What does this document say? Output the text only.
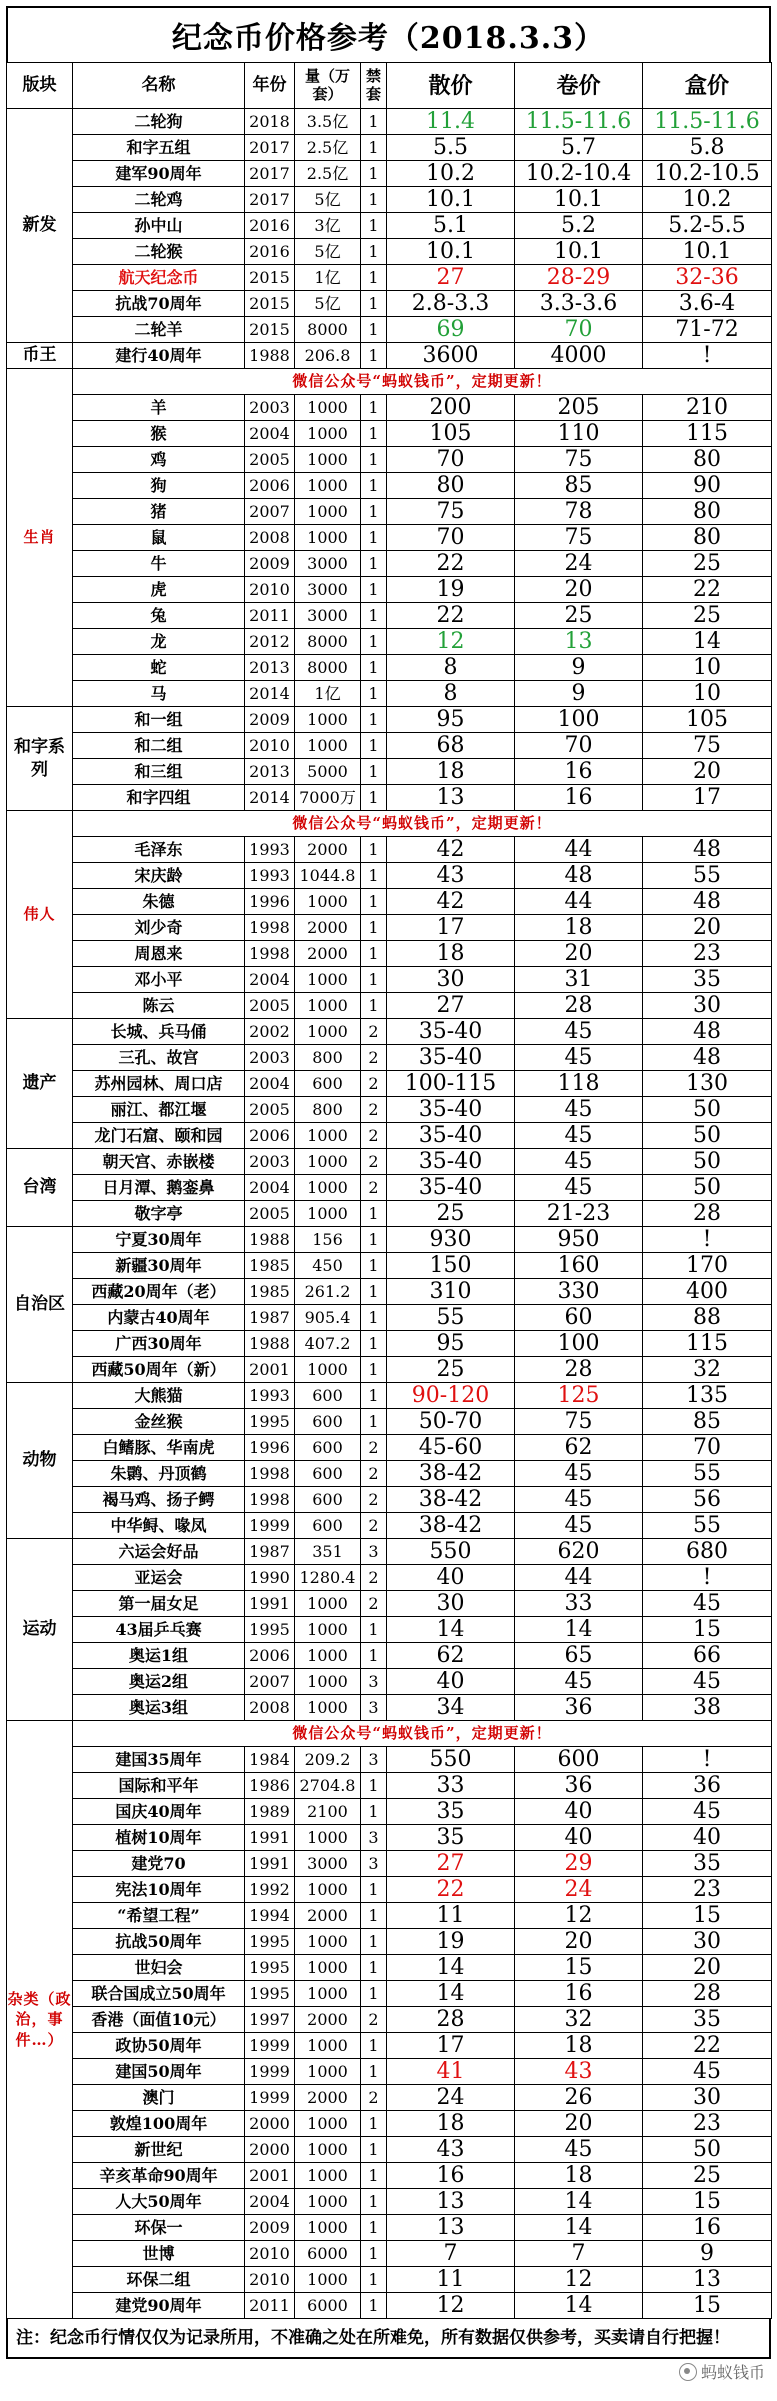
纪念币价格参考（2018.3.3）
版块	名称	年份	量（万套）	禁套	散价	卷价	盒价
新发	二轮狗	2018	3.5亿	1	11.4	11.5-11.6	11.5-11.6
	和字五组	2017	2.5亿	1	5.5	5.7	5.8
	建军90周年	2017	2.5亿	1	10.2	10.2-10.4	10.2-10.5
	二轮鸡	2017	5亿	1	10.1	10.1	10.2
	孙中山	2016	3亿	1	5.1	5.2	5.2-5.5
	二轮猴	2016	5亿	1	10.1	10.1	10.1
	航天纪念币	2015	1亿	1	27	28-29	32-36
	抗战70周年	2015	5亿	1	2.8-3.3	3.3-3.6	3.6-4
	二轮羊	2015	8000	1	69	70	71-72
币王	建行40周年	1988	206.8	1	3600	4000	!
生肖	微信公众号“蚂蚁钱币”，定期更新！						
	羊	2003	1000	1	200	205	210
	猴	2004	1000	1	105	110	115
	鸡	2005	1000	1	70	75	80
	狗	2006	1000	1	80	85	90
	猪	2007	1000	1	75	78	80
	鼠	2008	1000	1	70	75	80
	牛	2009	3000	1	22	24	25
	虎	2010	3000	1	19	20	22
	兔	2011	3000	1	22	25	25
	龙	2012	8000	1	12	13	14
	蛇	2013	8000	1	8	9	10
	马	2014	1亿	1	8	9	10
和字系列	和一组	2009	1000	1	95	100	105
	和二组	2010	1000	1	68	70	75
	和三组	2013	5000	1	18	16	20
	和字四组	2014	7000万	1	13	16	17
伟人	微信公众号“蚂蚁钱币”，定期更新！						
	毛泽东	1993	2000	1	42	44	48
	宋庆龄	1993	1044.8	1	43	48	55
	朱德	1996	1000	1	42	44	48
	刘少奇	1998	2000	1	17	18	20
	周恩来	1998	2000	1	18	20	23
	邓小平	2004	1000	1	30	31	35
	陈云	2005	1000	1	27	28	30
遗产	长城、兵马俑	2002	1000	2	35-40	45	48
	三孔、故宫	2003	800	2	35-40	45	48
	苏州园林、周口店	2004	600	2	100-115	118	130
	丽江、都江堰	2005	800	2	35-40	45	50
	龙门石窟、颐和园	2006	1000	2	35-40	45	50
台湾	朝天宫、赤嵌楼	2003	1000	2	35-40	45	50
	日月潭、鹅銮鼻	2004	1000	2	35-40	45	50
	敬字亭	2005	1000	1	25	21-23	28
自治区	宁夏30周年	1988	156	1	930	950	!
	新疆30周年	1985	450	1	150	160	170
	西藏20周年（老）	1985	261.2	1	310	330	400
	内蒙古40周年	1987	905.4	1	55	60	88
	广西30周年	1988	407.2	1	95	100	115
	西藏50周年（新）	2001	1000	1	25	28	32
动物	大熊猫	1993	600	1	90-120	125	135
	金丝猴	1995	600	1	50-70	75	85
	白鳍豚、华南虎	1996	600	2	45-60	62	70
	朱鹮、丹顶鹤	1998	600	2	38-42	45	55
	褐马鸡、扬子鳄	1998	600	2	38-42	45	56
	中华鲟、喙凤	1999	600	2	38-42	45	55
运动	六运会好品	1987	351	3	550	620	680
	亚运会	1990	1280.4	2	40	44	!
	第一届女足	1991	1000	2	30	33	45
	43届乒乓赛	1995	1000	1	14	14	15
	奥运1组	2006	1000	1	62	65	66
	奥运2组	2007	1000	3	40	45	45
	奥运3组	2008	1000	3	34	36	38
杂类（政治，事件…）	微信公众号“蚂蚁钱币”，定期更新！						
	建国35周年	1984	209.2	3	550	600	!
	国际和平年	1986	2704.8	1	33	36	36
	国庆40周年	1989	2100	1	35	40	45
	植树10周年	1991	1000	3	35	40	40
	建党70	1991	3000	3	27	29	35
	宪法10周年	1992	1000	1	22	24	23
	“希望工程”	1994	2000	1	11	12	15
	抗战50周年	1995	1000	1	19	20	30
	世妇会	1995	1000	1	14	15	20
	联合国成立50周年	1995	1000	1	14	16	28
	香港（面值10元）	1997	2000	2	28	32	35
	政协50周年	1999	1000	1	17	18	22
	建国50周年	1999	1000	1	41	43	45
	澳门	1999	2000	2	24	26	30
	敦煌100周年	2000	1000	1	18	20	23
	新世纪	2000	1000	1	43	45	50
	辛亥革命90周年	2001	1000	1	16	18	25
	人大50周年	2004	1000	1	13	14	15
	环保一	2009	1000	1	13	14	16
	世博	2010	6000	1	7	7	9
	环保二组	2010	1000	1	11	12	13
	建党90周年	2011	6000	1	12	14	15
注：纪念币行情仅仅为记录所用，不准确之处在所难免，所有数据仅供参考，买卖请自行把握！
蚂蚁钱币
